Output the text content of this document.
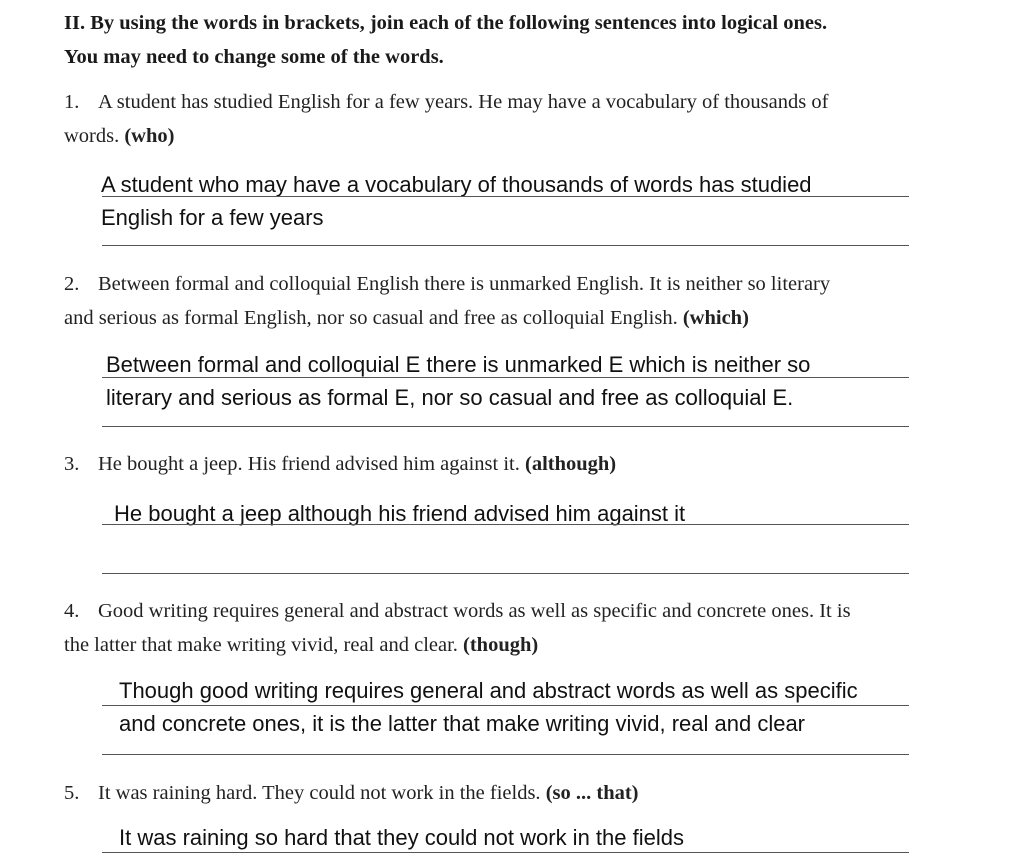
II. By using the words in brackets, join each of the following sentences into logical ones.
You may need to change some of the words.
1. A student has studied English for a few years. He may have a vocabulary of thousands of
words. (who)
A student who may have a vocabulary of thousands of words has studied
English for a few years
2. Between formal and colloquial English there is unmarked English. It is neither so literary
and serious as formal English, nor so casual and free as colloquial English. (which)
Between formal and colloquial E there is unmarked E which is neither so
literary and serious as formal E, nor so casual and free as colloquial E.
3. He bought a jeep. His friend advised him against it. (although)
He bought a jeep although his friend advised him against it
4. Good writing requires general and abstract words as well as specific and concrete ones. It is
the latter that make writing vivid, real and clear. (though)
Though good writing requires general and abstract words as well as specific
and concrete ones, it is the latter that make writing vivid, real and clear
5. It was raining hard. They could not work in the fields. (so ... that)
It was raining so hard that they could not work in the fields
